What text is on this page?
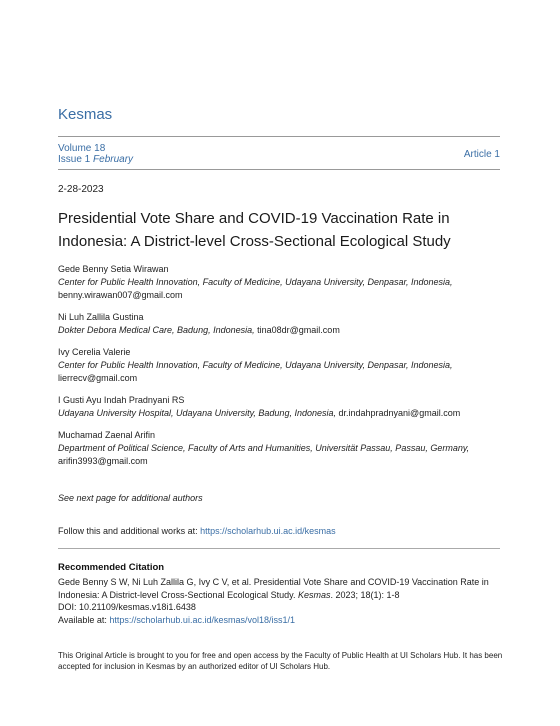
Kesmas
Volume 18
Issue 1 February	Article 1
2-28-2023
Presidential Vote Share and COVID-19 Vaccination Rate in Indonesia: A District-level Cross-Sectional Ecological Study
Gede Benny Setia Wirawan
Center for Public Health Innovation, Faculty of Medicine, Udayana University, Denpasar, Indonesia, benny.wirawan007@gmail.com
Ni Luh Zallila Gustina
Dokter Debora Medical Care, Badung, Indonesia, tina08dr@gmail.com
Ivy Cerelia Valerie
Center for Public Health Innovation, Faculty of Medicine, Udayana University, Denpasar, Indonesia, lierrecv@gmail.com
I Gusti Ayu Indah Pradnyani RS
Udayana University Hospital, Udayana University, Badung, Indonesia, dr.indahpradnyani@gmail.com
Muchamad Zaenal Arifin
Department of Political Science, Faculty of Arts and Humanities, Universität Passau, Passau, Germany, arifin3993@gmail.com
See next page for additional authors
Follow this and additional works at: https://scholarhub.ui.ac.id/kesmas
Recommended Citation
Gede Benny S W, Ni Luh Zallila G, Ivy C V, et al. Presidential Vote Share and COVID-19 Vaccination Rate in Indonesia: A District-level Cross-Sectional Ecological Study. Kesmas. 2023; 18(1): 1-8
DOI: 10.21109/kesmas.v18i1.6438
Available at: https://scholarhub.ui.ac.id/kesmas/vol18/iss1/1
This Original Article is brought to you for free and open access by the Faculty of Public Health at UI Scholars Hub. It has been accepted for inclusion in Kesmas by an authorized editor of UI Scholars Hub.
